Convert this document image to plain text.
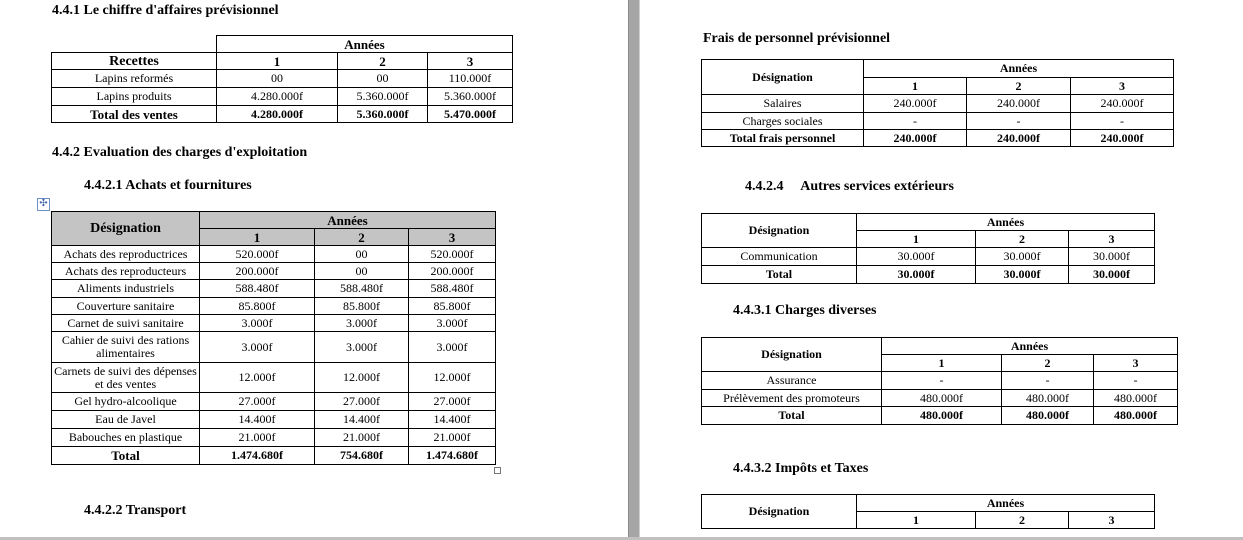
4.4.1 Le chiffre d'affaires prévisionnel
	Années		
Recettes	1	2	3
Lapins reformés	00	00	110.000f
Lapins produits	4.280.000f	5.360.000f	5.360.000f
Total des ventes	4.280.000f	5.360.000f	5.470.000f
4.4.2 Evaluation des charges d'exploitation
4.4.2.1 Achats et fournitures
✣
Désignation	Années		
	1	2	3
Achats des reproductrices	520.000f	00	520.000f
Achats des reproducteurs	200.000f	00	200.000f
Aliments industriels	588.480f	588.480f	588.480f
Couverture sanitaire	85.800f	85.800f	85.800f
Carnet de suivi sanitaire	3.000f	3.000f	3.000f
Cahier de suivi des rations alimentaires	3.000f	3.000f	3.000f
Carnets de suivi des dépenses et des ventes	12.000f	12.000f	12.000f
Gel hydro-alcoolique	27.000f	27.000f	27.000f
Eau de Javel	14.400f	14.400f	14.400f
Babouches en plastique	21.000f	21.000f	21.000f
Total	1.474.680f	754.680f	1.474.680f
4.4.2.2 Transport
Frais de personnel prévisionnel
Désignation	Années		
	1	2	3
Salaires	240.000f	240.000f	240.000f
Charges sociales	-	-	-
Total frais personnel	240.000f	240.000f	240.000f
4.4.2.4     Autres services extérieurs
Désignation	Années		
	1	2	3
Communication	30.000f	30.000f	30.000f
Total	30.000f	30.000f	30.000f
4.4.3.1 Charges diverses
Désignation	Années		
	1	2	3
Assurance	-	-	-
Prélèvement des promoteurs	480.000f	480.000f	480.000f
Total	480.000f	480.000f	480.000f
4.4.3.2 Impôts et Taxes
Désignation	Années		
	1	2	3
